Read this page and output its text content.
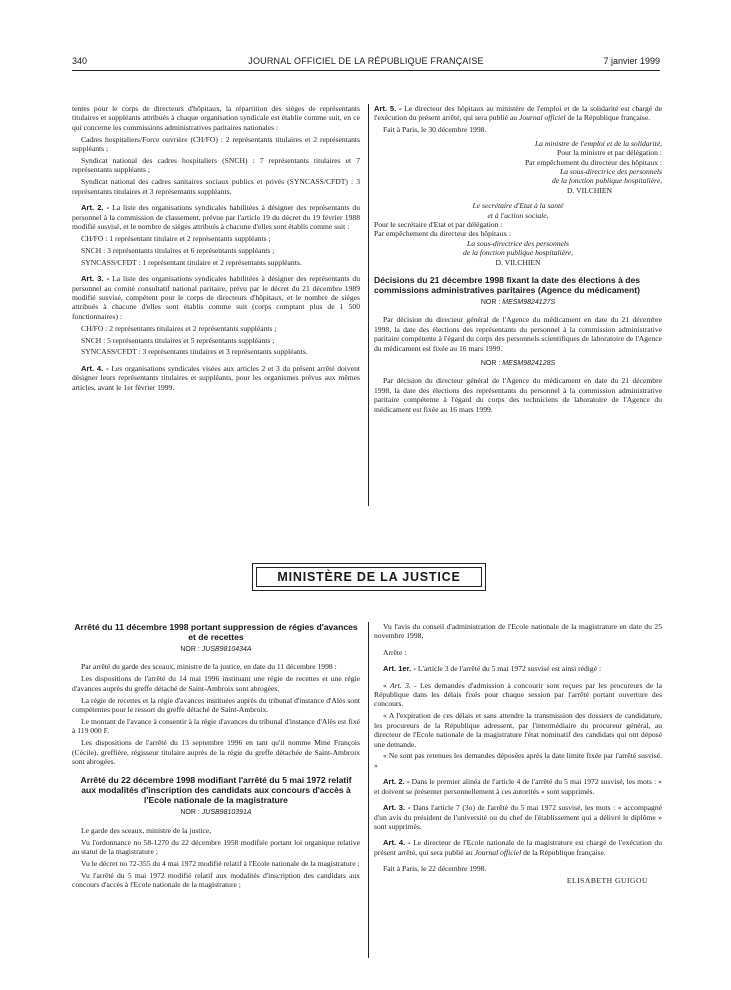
340	JOURNAL OFFICIEL DE LA RÉPUBLIQUE FRANÇAISE	7 janvier 1999

tentes pour le corps de directeurs d'hôpitaux, la répartition des sièges de représentants titulaires et suppléants attribués à chaque organisation syndicale est établie comme suit, en ce qui concerne les commissions administratives paritaires nationales :

Cadres hospitaliers/Force ouvrière (CH/FO) : 2 représentants titulaires et 2 représentants suppléants ;

Syndicat national des cadres hospitaliers (SNCH) : 7 représentants titulaires et 7 représentants suppléants ;

Syndicat national des cadres sanitaires sociaux publics et privés (SYNCASS/CFDT) : 3 représentants titulaires et 3 représentants suppléants.

Art. 2. - La liste des organisations syndicales habilitées à désigner des représentants du personnel à la commission de classement, prévue par l'article 19 du décret du 19 février 1988 modifié susvisé, et le nombre de sièges attribués à chacune d'elles sont établis comme suit :

CH/FO : 1 représentant titulaire et 2 représentants suppléants ;

SNCH : 3 représentants titulaires et 6 représentants suppléants ;

SYNCASS/CFDT : 1 représentant titulaire et 2 représentants suppléants.

Art. 3. - La liste des organisations syndicales habilitées à désigner des représentants du personnel au comité consultatif national paritaire, prévu par le décret du 21 décembre 1989 modifié susvisé, compétent pour le corps de directeurs d'hôpitaux, et le nombre de sièges attribués à chacune d'elles sont établis comme suit (corps comptant plus de 1 500 fonctionnaires) :

CH/FO : 2 représentants titulaires et 2 représentants suppléants ;

SNCH : 5 représentants titulaires et 5 représentants suppléants ;

SYNCASS/CFDT : 3 représentants titulaires et 3 représentants suppléants.

Art. 4. - Les organisations syndicales visées aux articles 2 et 3 du présent arrêté doivent désigner leurs représentants titulaires et suppléants, pour les organismes prévus aux mêmes articles, avant le 1er février 1999.

Art. 5. - Le directeur des hôpitaux au ministère de l'emploi et de la solidarité est chargé de l'exécution du présent arrêté, qui sera publié au Journal officiel de la République française.

Fait à Paris, le 30 décembre 1998.

La ministre de l'emploi et de la solidarité,

Pour la ministre et par délégation :

Par empêchement du directeur des hôpitaux :

La sous-directrice des personnels

de la fonction publique hospitalière,

D. VILCHIEN

Le secrétaire d'Etat à la santé

et à l'action sociale,

Pour le secrétaire d'Etat et par délégation :

Par empêchement du directeur des hôpitaux :

La sous-directrice des personnels

de la fonction publique hospitalière,

D. VILCHIEN

Décisions du 21 décembre 1998 fixant la date des élections à des commissions administratives paritaires (Agence du médicament)
NOR : MESM9824127S

Par décision du directeur général de l'Agence du médicament en date du 21 décembre 1998, la date des élections des représentants du personnel à la commission administrative paritaire compétente à l'égard du corps des personnels scientifiques de laboratoire de l'Agence du médicament est fixée au 16 mars 1999.

NOR : MESM9824128S

Par décision du directeur général de l'Agence du médicament en date du 21 décembre 1998, la date des élections des représentants du personnel à la commission administrative paritaire compétente à l'égard du corps des techniciens de laboratoire de l'Agence du médicament est fixée au 16 mars 1999.

MINISTÈRE DE LA JUSTICE
Arrêté du 11 décembre 1998 portant suppression de régies d'avances et de recettes
NOR : JUSB9810434A

Par arrêté du garde des sceaux, ministre de la justice, en date du 11 décembre 1998 :

Les dispositions de l'arrêté du 14 mai 1996 instituant une régie de recettes et une régie d'avances auprès du greffe détaché de Saint-Ambroix sont abrogées.

La régie de recettes et la régie d'avances instituées auprès du tribunal d'instance d'Alès sont compétentes pour le ressort du greffe détaché de Saint-Ambroix.

Le montant de l'avance à consentir à la régie d'avances du tribunal d'instance d'Alès est fixé à 119 000 F.

Les dispositions de l'arrêté du 13 septembre 1996 en tant qu'il nomme Mme François (Cécile), greffière, régisseur titulaire auprès de la régie du greffe détachée de Saint-Ambroix sont abrogées.

Arrêté du 22 décembre 1998 modifiant l'arrêté du 5 mai 1972 relatif aux modalités d'inscription des candidats aux concours d'accès à l'Ecole nationale de la magistrature
NOR : JUSB9810391A

Le garde des sceaux, ministre de la justice,

Vu l'ordonnance no 58-1270 du 22 décembre 1958 modifiée portant loi organique relative au statut de la magistrature ;

Vu le décret no 72-355 du 4 mai 1972 modifié relatif à l'Ecole nationale de la magistrature ;

Vu l'arrêté du 5 mai 1972 modifié relatif aux modalités d'inscription des candidats aux concours d'accès à l'Ecole nationale de la magistrature ;

Vu l'avis du conseil d'administration de l'Ecole nationale de la magistrature en date du 25 novembre 1998,

Arrête :

Art. 1er. - L'article 3 de l'arrêté du 5 mai 1972 susvisé est ainsi rédigé :

« Art. 3. - Les demandes d'admission à concourir sont reçues par les procureurs de la République dans les délais fixés pour chaque session par l'arrêté portant ouverture des concours.

« A l'expiration de ces délais et sans attendre la transmission des dossiers de candidature, les procureurs de la République adressent, par l'intermédiaire du procureur général, au directeur de l'Ecole nationale de la magistrature l'état nominatif des candidats qui ont déposé une demande.

« Ne sont pas retenues les demandes déposées après la date limite fixée par l'arrêté susvisé. »

Art. 2. - Dans le premier alinéa de l'article 4 de l'arrêté du 5 mai 1972 susvisé, les mots : « et doivent se présenter personnellement à ces autorités » sont supprimés.

Art. 3. - Dans l'article 7 (3o) de l'arrêté du 5 mai 1972 susvisé, les mots : « accompagné d'un avis du président de l'université ou du chef de l'établissement qui a délivré le diplôme » sont supprimés.

Art. 4. - Le directeur de l'Ecole nationale de la magistrature est chargé de l'exécution du présent arrêté, qui sera publié au Journal officiel de la République française.

Fait à Paris, le 22 décembre 1998.

ELISABETH GUIGOU
